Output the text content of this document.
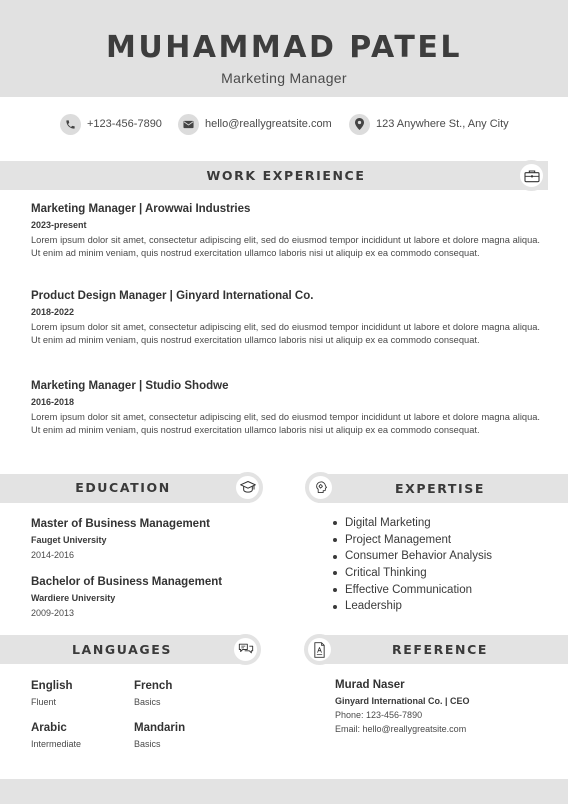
MUHAMMAD PATEL
Marketing Manager
+123-456-7890	hello@reallygreatsite.com	123 Anywhere St., Any City
WORK EXPERIENCE
Marketing Manager | Arowwai Industries
2023-present
Lorem ipsum dolor sit amet, consectetur adipiscing elit, sed do eiusmod tempor incididunt ut labore et dolore magna aliqua. Ut enim ad minim veniam, quis nostrud exercitation ullamco laboris nisi ut aliquip ex ea commodo consequat.
Product Design Manager | Ginyard International Co.
2018-2022
Lorem ipsum dolor sit amet, consectetur adipiscing elit, sed do eiusmod tempor incididunt ut labore et dolore magna aliqua. Ut enim ad minim veniam, quis nostrud exercitation ullamco laboris nisi ut aliquip ex ea commodo consequat.
Marketing Manager | Studio Shodwe
2016-2018
Lorem ipsum dolor sit amet, consectetur adipiscing elit, sed do eiusmod tempor incididunt ut labore et dolore magna aliqua. Ut enim ad minim veniam, quis nostrud exercitation ullamco laboris nisi ut aliquip ex ea commodo consequat.
EDUCATION	EXPERTISE
Master of Business Management
Fauget University
2014-2016
Bachelor of Business Management
Wardiere University
2009-2013
Digital Marketing
Project Management
Consumer Behavior Analysis
Critical Thinking
Effective Communication
Leadership
LANGUAGES	REFERENCE
English
Fluent
French
Basics
Arabic
Intermediate
Mandarin
Basics
Murad Naser
Ginyard International Co. | CEO
Phone: 123-456-7890
Email: hello@reallygreatsite.com
